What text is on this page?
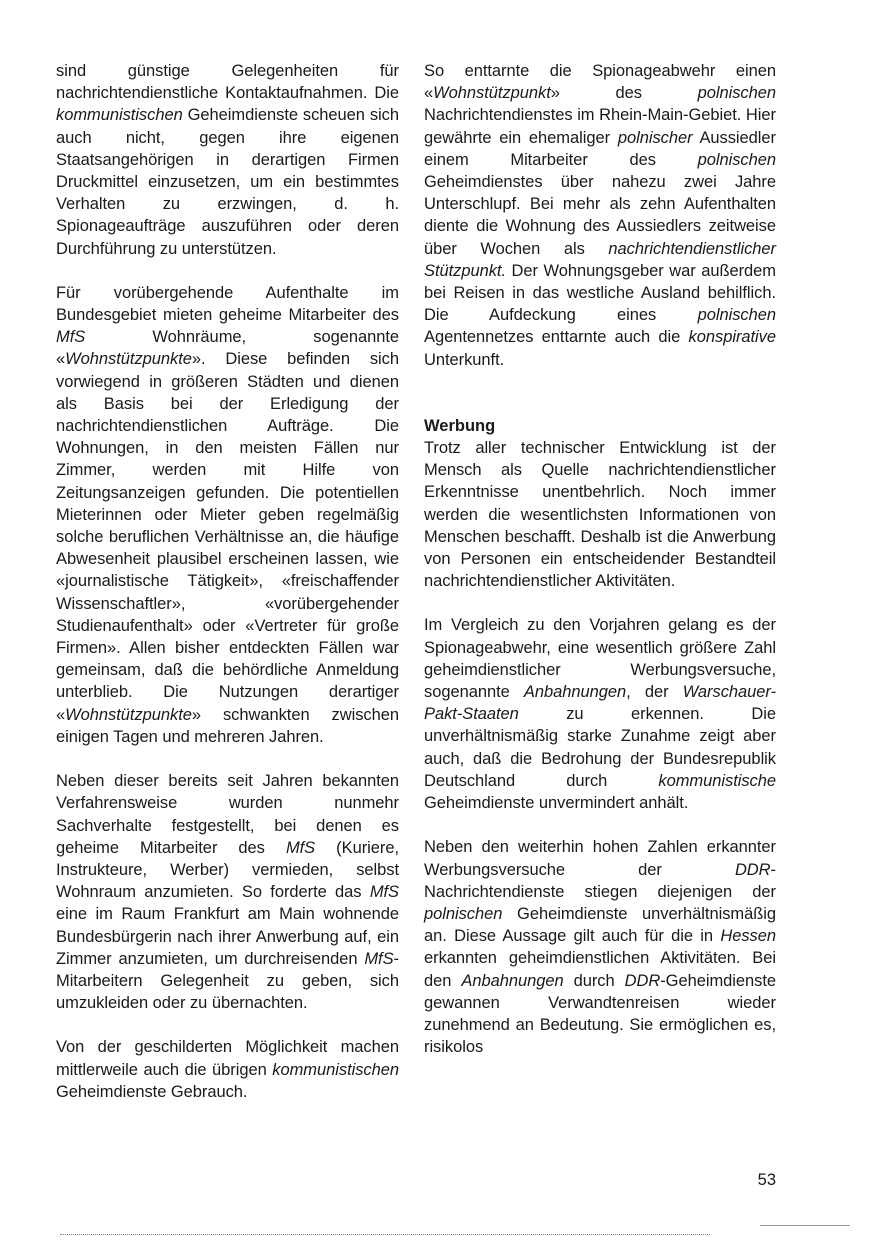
sind günstige Gelegenheiten für nachrichtendienstliche Kontaktaufnahmen. Die kommunistischen Geheimdienste scheuen sich auch nicht, gegen ihre eigenen Staatsangehörigen in derartigen Firmen Druckmittel einzusetzen, um ein bestimmtes Verhalten zu erzwingen, d. h. Spionageaufträge auszuführen oder deren Durchführung zu unterstützen.

Für vorübergehende Aufenthalte im Bundesgebiet mieten geheime Mitarbeiter des MfS Wohnräume, sogenannte «Wohnstützpunkte». Diese befinden sich vorwiegend in größeren Städten und dienen als Basis bei der Erledigung der nachrichtendienstlichen Aufträge. Die Wohnungen, in den meisten Fällen nur Zimmer, werden mit Hilfe von Zeitungsanzeigen gefunden. Die potentiellen Mieterinnen oder Mieter geben regelmäßig solche beruflichen Verhältnisse an, die häufige Abwesenheit plausibel erscheinen lassen, wie «journalistische Tätigkeit», «freischaffender Wissenschaftler», «vorübergehender Studienaufenthalt» oder «Vertreter für große Firmen». Allen bisher entdeckten Fällen war gemeinsam, daß die behördliche Anmeldung unterblieb. Die Nutzungen derartiger «Wohnstützpunkte» schwankten zwischen einigen Tagen und mehreren Jahren.

Neben dieser bereits seit Jahren bekannten Verfahrensweise wurden nunmehr Sachverhalte festgestellt, bei denen es geheime Mitarbeiter des MfS (Kuriere, Instrukteure, Werber) vermieden, selbst Wohnraum anzumieten. So forderte das MfS eine im Raum Frankfurt am Main wohnende Bundesbürgerin nach ihrer Anwerbung auf, ein Zimmer anzumieten, um durchreisenden MfS-Mitarbeitern Gelegenheit zu geben, sich umzukleiden oder zu übernachten.

Von der geschilderten Möglichkeit machen mittlerweile auch die übrigen kommunistischen Geheimdienste Gebrauch.

So enttarnte die Spionageabwehr einen «Wohnstützpunkt» des polnischen Nachrichtendienstes im Rhein-Main-Gebiet. Hier gewährte ein ehemaliger polnischer Aussiedler einem Mitarbeiter des polnischen Geheimdienstes über nahezu zwei Jahre Unterschlupf. Bei mehr als zehn Aufenthalten diente die Wohnung des Aussiedlers zeitweise über Wochen als nachrichtendienstlicher Stützpunkt. Der Wohnungsgeber war außerdem bei Reisen in das westliche Ausland behilflich. Die Aufdeckung eines polnischen Agentennetzes enttarnte auch die konspirative Unterkunft.

Werbung

Trotz aller technischer Entwicklung ist der Mensch als Quelle nachrichtendienstlicher Erkenntnisse unentbehrlich. Noch immer werden die wesentlichsten Informationen von Menschen beschafft. Deshalb ist die Anwerbung von Personen ein entscheidender Bestandteil nachrichtendienstlicher Aktivitäten.

Im Vergleich zu den Vorjahren gelang es der Spionageabwehr, eine wesentlich größere Zahl geheimdienstlicher Werbungsversuche, sogenannte Anbahnungen, der Warschauer-Pakt-Staaten zu erkennen. Die unverhältnismäßig starke Zunahme zeigt aber auch, daß die Bedrohung der Bundesrepublik Deutschland durch kommunistische Geheimdienste unvermindert anhält.

Neben den weiterhin hohen Zahlen erkannter Werbungsversuche der DDR-Nachrichtendienste stiegen diejenigen der polnischen Geheimdienste unverhältnismäßig an. Diese Aussage gilt auch für die in Hessen erkannten geheimdienstlichen Aktivitäten. Bei den Anbahnungen durch DDR-Geheimdienste gewannen Verwandtenreisen wieder zunehmend an Bedeutung. Sie ermöglichen es, risikolos

53
